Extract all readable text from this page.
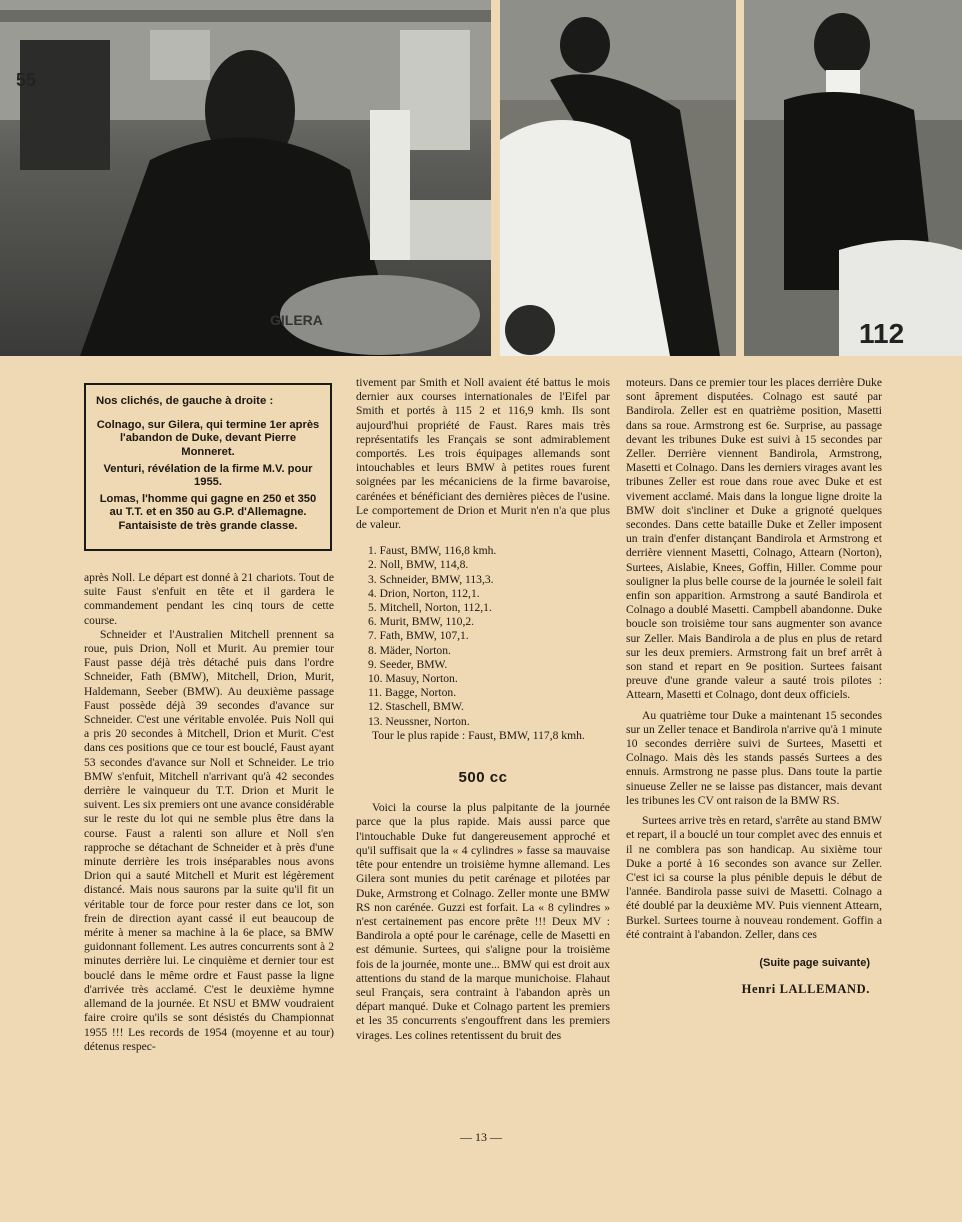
55
GILERA	112
Nos clichés, de gauche à droite :

Colnago, sur Gilera, qui termine 1er après l'abandon de Duke, devant Pierre Monneret.

Venturi, révélation de la firme M.V. pour 1955.

Lomas, l'homme qui gagne en 250 et 350 au T.T. et en 350 au G.P. d'Allemagne. Fantaisiste de très grande classe.

après Noll. Le départ est donné à 21 chariots. Tout de suite Faust s'enfuit en tête et il gardera le commandement pendant les cinq tours de cette course.

Schneider et l'Australien Mitchell prennent sa roue, puis Drion, Noll et Murit. Au premier tour Faust passe déjà très détaché puis dans l'ordre Schneider, Fath (BMW), Mitchell, Drion, Murit, Haldemann, Seeber (BMW). Au deuxième passage Faust possède déjà 39 secondes d'avance sur Schneider. C'est une véritable envolée. Puis Noll qui a pris 20 secondes à Mitchell, Drion et Murit. C'est dans ces positions que ce tour est bouclé, Faust ayant 53 secondes d'avance sur Noll et Schneider. Le trio BMW s'enfuit, Mitchell n'arrivant qu'à 42 secondes derrière le vainqueur du T.T. Drion et Murit le suivent. Les six premiers ont une avance considérable sur le reste du lot qui ne semble plus être dans la course. Faust a ralenti son allure et Noll s'en rapproche se détachant de Schneider et à près d'une minute derrière les trois inséparables nous avons Drion qui a sauté Mitchell et Murit est légèrement distancé. Mais nous saurons par la suite qu'il fit un véritable tour de force pour rester dans ce lot, son frein de direction ayant cassé il eut beaucoup de mérite à mener sa machine à la 6e place, sa BMW guidonnant follement. Les autres concurrents sont à 2 minutes derrière lui. Le cinquième et dernier tour est bouclé dans le même ordre et Faust passe la ligne d'arrivée très acclamé. C'est le deuxième hymne allemand de la journée. Et NSU et BMW voudraient faire croire qu'ils se sont désistés du Championnat 1955 !!! Les records de 1954 (moyenne et au tour) détenus respec-

tivement par Smith et Noll avaient été battus le mois dernier aux courses internationales de l'Eifel par Smith et portés à 115 2 et 116,9 kmh. Ils sont aujourd'hui propriété de Faust. Rares mais très représentatifs les Français se sont admirablement comportés. Les trois équipages allemands sont intouchables et leurs BMW à petites roues furent soignées par les mécaniciens de la firme bavaroise, carénées et bénéficiant des dernières pièces de l'usine. Le comportement de Drion et Murit n'en n'a que plus de valeur.

1. Faust, BMW, 116,8 kmh.
2. Noll, BMW, 114,8.
3. Schneider, BMW, 113,3.
4. Drion, Norton, 112,1.
5. Mitchell, Norton, 112,1.
6. Murit, BMW, 110,2.
7. Fath, BMW, 107,1.
8. Mäder, Norton.
9. Seeder, BMW.
10. Masuy, Norton.
11. Bagge, Norton.
12. Staschell, BMW.
13. Neussner, Norton.

Tour le plus rapide : Faust, BMW, 117,8 kmh.

500 cc

Voici la course la plus palpitante de la journée parce que la plus rapide. Mais aussi parce que l'intouchable Duke fut dangereusement approché et qu'il suffisait que la « 4 cylindres » fasse sa mauvaise tête pour entendre un troisième hymne allemand. Les Gilera sont munies du petit carénage et pilotées par Duke, Armstrong et Colnago. Zeller monte une BMW RS non carénée. Guzzi est forfait. La « 8 cylindres » n'est certainement pas encore prête !!! Deux MV : Bandirola a opté pour le carénage, celle de Masetti en est démunie. Surtees, qui s'aligne pour la troisième fois de la journée, monte une... BMW qui est droit aux attentions du stand de la marque munichoise. Flahaut seul Français, sera contraint à l'abandon après un départ manqué. Duke et Colnago partent les premiers et les 35 concurrents s'engouffrent dans les premiers virages. Les colines retentissent du bruit des

moteurs. Dans ce premier tour les places derrière Duke sont âprement disputées. Colnago est sauté par Bandirola. Zeller est en quatrième position, Masetti dans sa roue. Armstrong est 6e. Surprise, au passage devant les tribunes Duke est suivi à 15 secondes par Zeller. Derrière viennent Bandirola, Armstrong, Masetti et Colnago. Dans les derniers virages avant les tribunes Zeller est roue dans roue avec Duke et est vivement acclamé. Mais dans la longue ligne droite la BMW doit s'incliner et Duke a grignoté quelques secondes. Dans cette bataille Duke et Zeller imposent un train d'enfer distançant Bandirola et Armstrong et derrière viennent Masetti, Colnago, Attearn (Norton), Surtees, Aislabie, Knees, Goffin, Hiller. Comme pour souligner la plus belle course de la journée le soleil fait enfin son apparition. Armstrong a sauté Bandirola et Colnago a doublé Masetti. Campbell abandonne. Duke boucle son troisième tour sans augmenter son avance sur Zeller. Mais Bandirola a de plus en plus de retard sur les deux premiers. Armstrong fait un bref arrêt à son stand et repart en 9e position. Surtees faisant preuve d'une grande valeur a sauté trois pilotes : Attearn, Masetti et Colnago, dont deux officiels.

Au quatrième tour Duke a maintenant 15 secondes sur un Zeller tenace et Bandirola n'arrive qu'à 1 minute 10 secondes derrière suivi de Surtees, Masetti et Colnago. Mais dès les stands passés Surtees a des ennuis. Armstrong ne passe plus. Dans toute la partie sinueuse Zeller ne se laisse pas distancer, mais devant les tribunes les CV ont raison de la BMW RS.

Surtees arrive très en retard, s'arrête au stand BMW et repart, il a bouclé un tour complet avec des ennuis et il ne comblera pas son handicap. Au sixième tour Duke a porté à 16 secondes son avance sur Zeller. C'est ici sa course la plus pénible depuis le début de l'année. Bandirola passe suivi de Masetti. Colnago a été doublé par la deuxième MV. Puis viennent Attearn, Burkel. Surtees tourne à nouveau rondement. Goffin a été contraint à l'abandon. Zeller, dans ces

(Suite page suivante)
Henri LALLEMAND.
— 13 —
